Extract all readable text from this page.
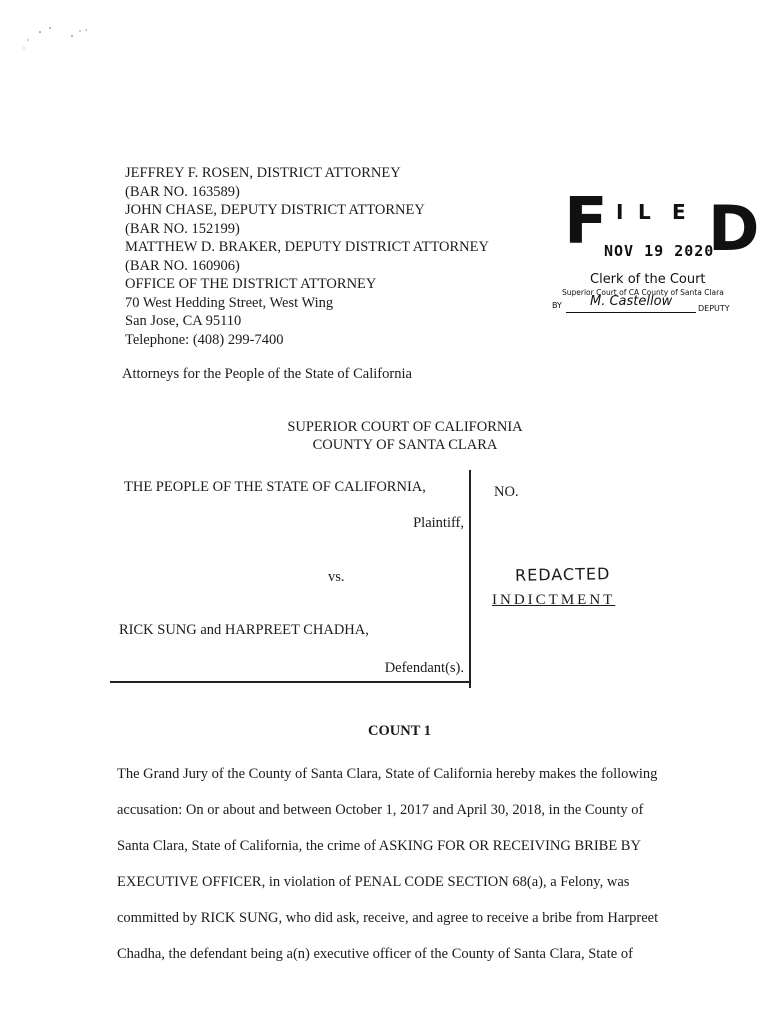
JEFFREY F. ROSEN, DISTRICT ATTORNEY
(BAR NO. 163589)
JOHN CHASE, DEPUTY DISTRICT ATTORNEY
(BAR NO. 152199)
MATTHEW D. BRAKER, DEPUTY DISTRICT ATTORNEY
(BAR NO. 160906)
OFFICE OF THE DISTRICT ATTORNEY
70 West Hedding Street, West Wing
San Jose, CA 95110
Telephone: (408) 299-7400
F I L E D
NOV 19 2020
Clerk of the Court
Superior Court of CA County of Santa Clara
BY M. Castellow	DEPUTY
Attorneys for the People of the State of California
SUPERIOR COURT OF CALIFORNIA
COUNTY OF SANTA CLARA
THE PEOPLE OF THE STATE OF CALIFORNIA,
Plaintiff,
vs.
RICK SUNG and HARPREET CHADHA,
Defendant(s).
NO.
REDACTED
INDICTMENT
COUNT 1
The Grand Jury of the County of Santa Clara, State of California hereby makes the following
accusation: On or about and between October 1, 2017 and April 30, 2018, in the County of
Santa Clara, State of California, the crime of ASKING FOR OR RECEIVING BRIBE BY
EXECUTIVE OFFICER, in violation of PENAL CODE SECTION 68(a), a Felony, was
committed by RICK SUNG, who did ask, receive, and agree to receive a bribe from Harpreet
Chadha, the defendant being a(n) executive officer of the County of Santa Clara, State of
